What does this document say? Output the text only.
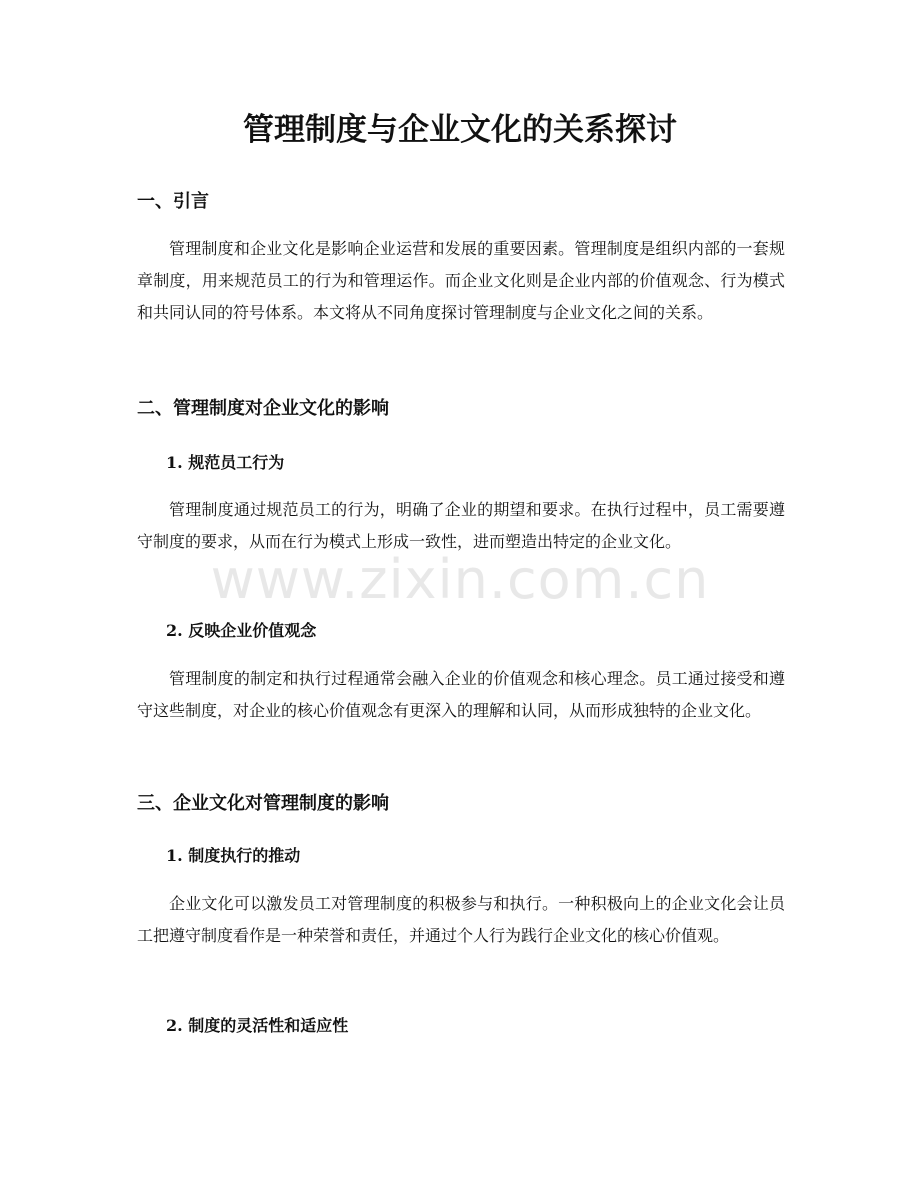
管理制度与企业文化的关系探讨
一、引言

管理制度和企业文化是影响企业运营和发展的重要因素。管理制度是组织内部的一套规章制度，用来规范员工的行为和管理运作。而企业文化则是企业内部的价值观念、行为模式和共同认同的符号体系。本文将从不同角度探讨管理制度与企业文化之间的关系。

二、管理制度对企业文化的影响
1. 规范员工行为

管理制度通过规范员工的行为，明确了企业的期望和要求。在执行过程中，员工需要遵守制度的要求，从而在行为模式上形成一致性，进而塑造出特定的企业文化。

2. 反映企业价值观念

管理制度的制定和执行过程通常会融入企业的价值观念和核心理念。员工通过接受和遵守这些制度，对企业的核心价值观念有更深入的理解和认同，从而形成独特的企业文化。

三、企业文化对管理制度的影响
1. 制度执行的推动

企业文化可以激发员工对管理制度的积极参与和执行。一种积极向上的企业文化会让员工把遵守制度看作是一种荣誉和责任，并通过个人行为践行企业文化的核心价值观。

2. 制度的灵活性和适应性
www.zixin.com.cn
